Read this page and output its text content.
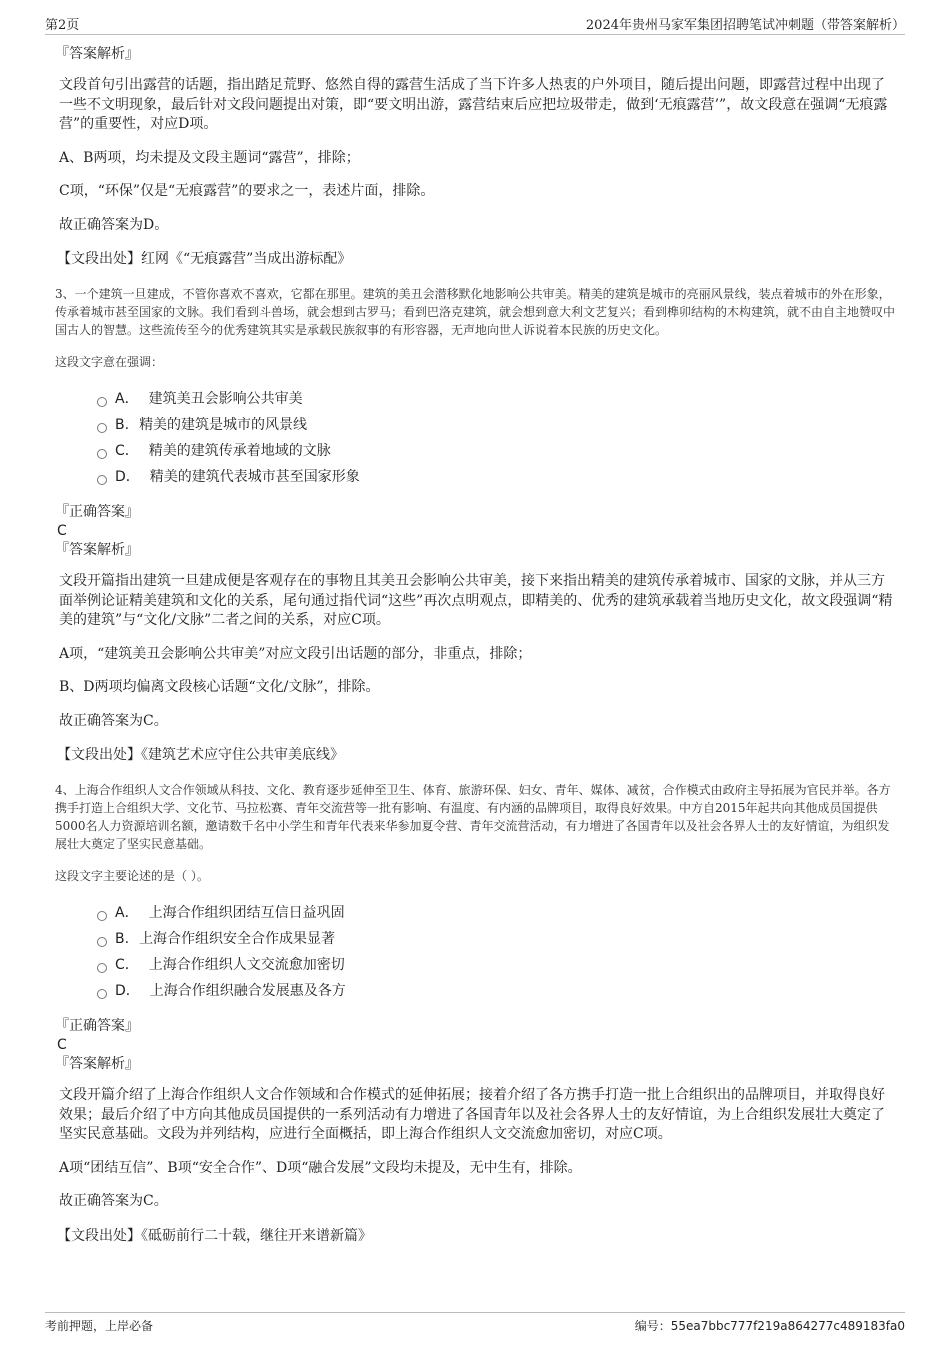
第2页	2024年贵州马家军集团招聘笔试冲刺题（带答案解析）

『答案解析』

文段首句引出露营的话题，指出踏足荒野、悠然自得的露营生活成了当下许多人热衷的户外项目，随后提出问题，即露营过程中出现了一些不文明现象，最后针对文段问题提出对策，即“要文明出游，露营结束后应把垃圾带走，做到‘无痕露营’”，故文段意在强调“无痕露营”的重要性，对应D项。

A、B两项，均未提及文段主题词“露营”，排除；

C项，“环保”仅是“无痕露营”的要求之一，表述片面，排除。

故正确答案为D。

【文段出处】红网《“无痕露营”当成出游标配》

3、一个建筑一旦建成，不管你喜欢不喜欢，它都在那里。建筑的美丑会潜移默化地影响公共审美。精美的建筑是城市的亮丽风景线，装点着城市的外在形象，传承着城市甚至国家的文脉。我们看到斗兽场，就会想到古罗马；看到巴洛克建筑，就会想到意大利文艺复兴；看到榫卯结构的木构建筑，就不由自主地赞叹中国古人的智慧。这些流传至今的优秀建筑其实是承载民族叙事的有形容器，无声地向世人诉说着本民族的历史文化。

这段文字意在强调：

A． 建筑美丑会影响公共审美
B. 精美的建筑是城市的风景线
C． 精美的建筑传承着地域的文脉
D． 精美的建筑代表城市甚至国家形象

『正确答案』

C

『答案解析』

文段开篇指出建筑一旦建成便是客观存在的事物且其美丑会影响公共审美，接下来指出精美的建筑传承着城市、国家的文脉，并从三方面举例论证精美建筑和文化的关系，尾句通过指代词“这些”再次点明观点，即精美的、优秀的建筑承载着当地历史文化，故文段强调“精美的建筑”与“文化/文脉”二者之间的关系，对应C项。

A项，“建筑美丑会影响公共审美”对应文段引出话题的部分，非重点，排除；

B、D两项均偏离文段核心话题“文化/文脉”，排除。

故正确答案为C。

【文段出处】《建筑艺术应守住公共审美底线》

4、上海合作组织人文合作领域从科技、文化、教育逐步延伸至卫生、体育、旅游环保、妇女、青年、媒体、减贫，合作模式由政府主导拓展为官民并举。各方携手打造上合组织大学、文化节、马拉松赛、青年交流营等一批有影响、有温度、有内涵的品牌项目，取得良好效果。中方自2015年起共向其他成员国提供5000名人力资源培训名额，邀请数千名中小学生和青年代表来华参加夏令营、青年交流营活动，有力增进了各国青年以及社会各界人士的友好情谊，为组织发展壮大奠定了坚实民意基础。

这段文字主要论述的是（ ）。

A． 上海合作组织团结互信日益巩固
B. 上海合作组织安全合作成果显著
C． 上海合作组织人文交流愈加密切
D． 上海合作组织融合发展惠及各方

『正确答案』

C

『答案解析』

文段开篇介绍了上海合作组织人文合作领域和合作模式的延伸拓展；接着介绍了各方携手打造一批上合组织出的品牌项目，并取得良好效果；最后介绍了中方向其他成员国提供的一系列活动有力增进了各国青年以及社会各界人士的友好情谊，为上合组织发展壮大奠定了坚实民意基础。文段为并列结构，应进行全面概括，即上海合作组织人文交流愈加密切，对应C项。

A项“团结互信”、B项“安全合作”、D项“融合发展”文段均未提及，无中生有，排除。

故正确答案为C。

【文段出处】《砥砺前行二十载，继往开来谱新篇》

考前押题，上岸必备	编号：55ea7bbc777f219a864277c489183fa0
